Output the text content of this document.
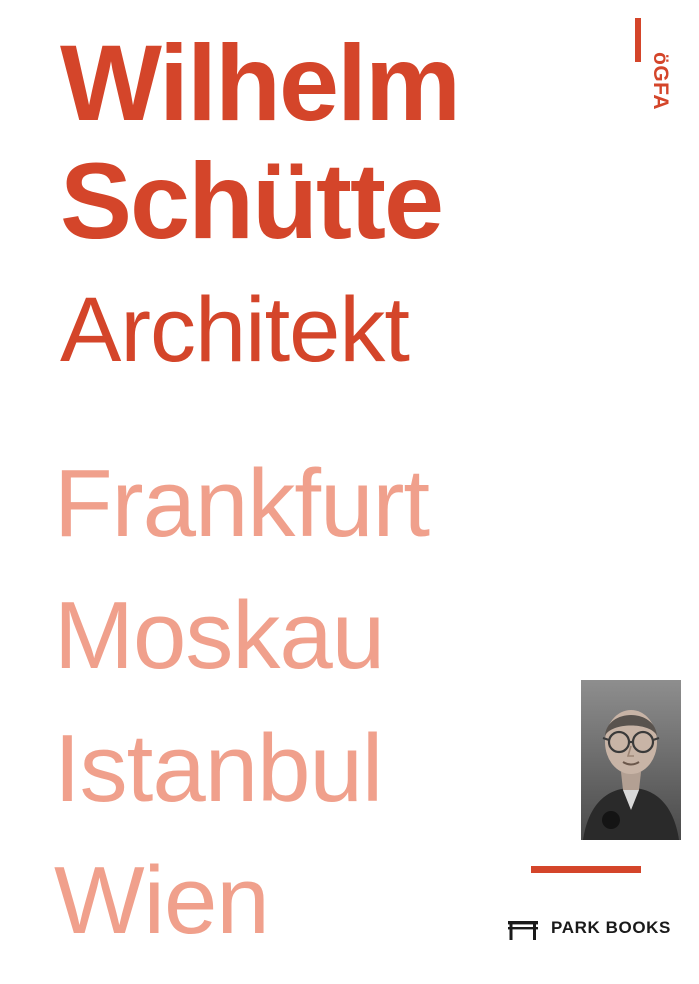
öGFA

Wilhelm

Schütte

Architekt

Frankfurt

Moskau

Istanbul

Wien	PARK BOOKS
